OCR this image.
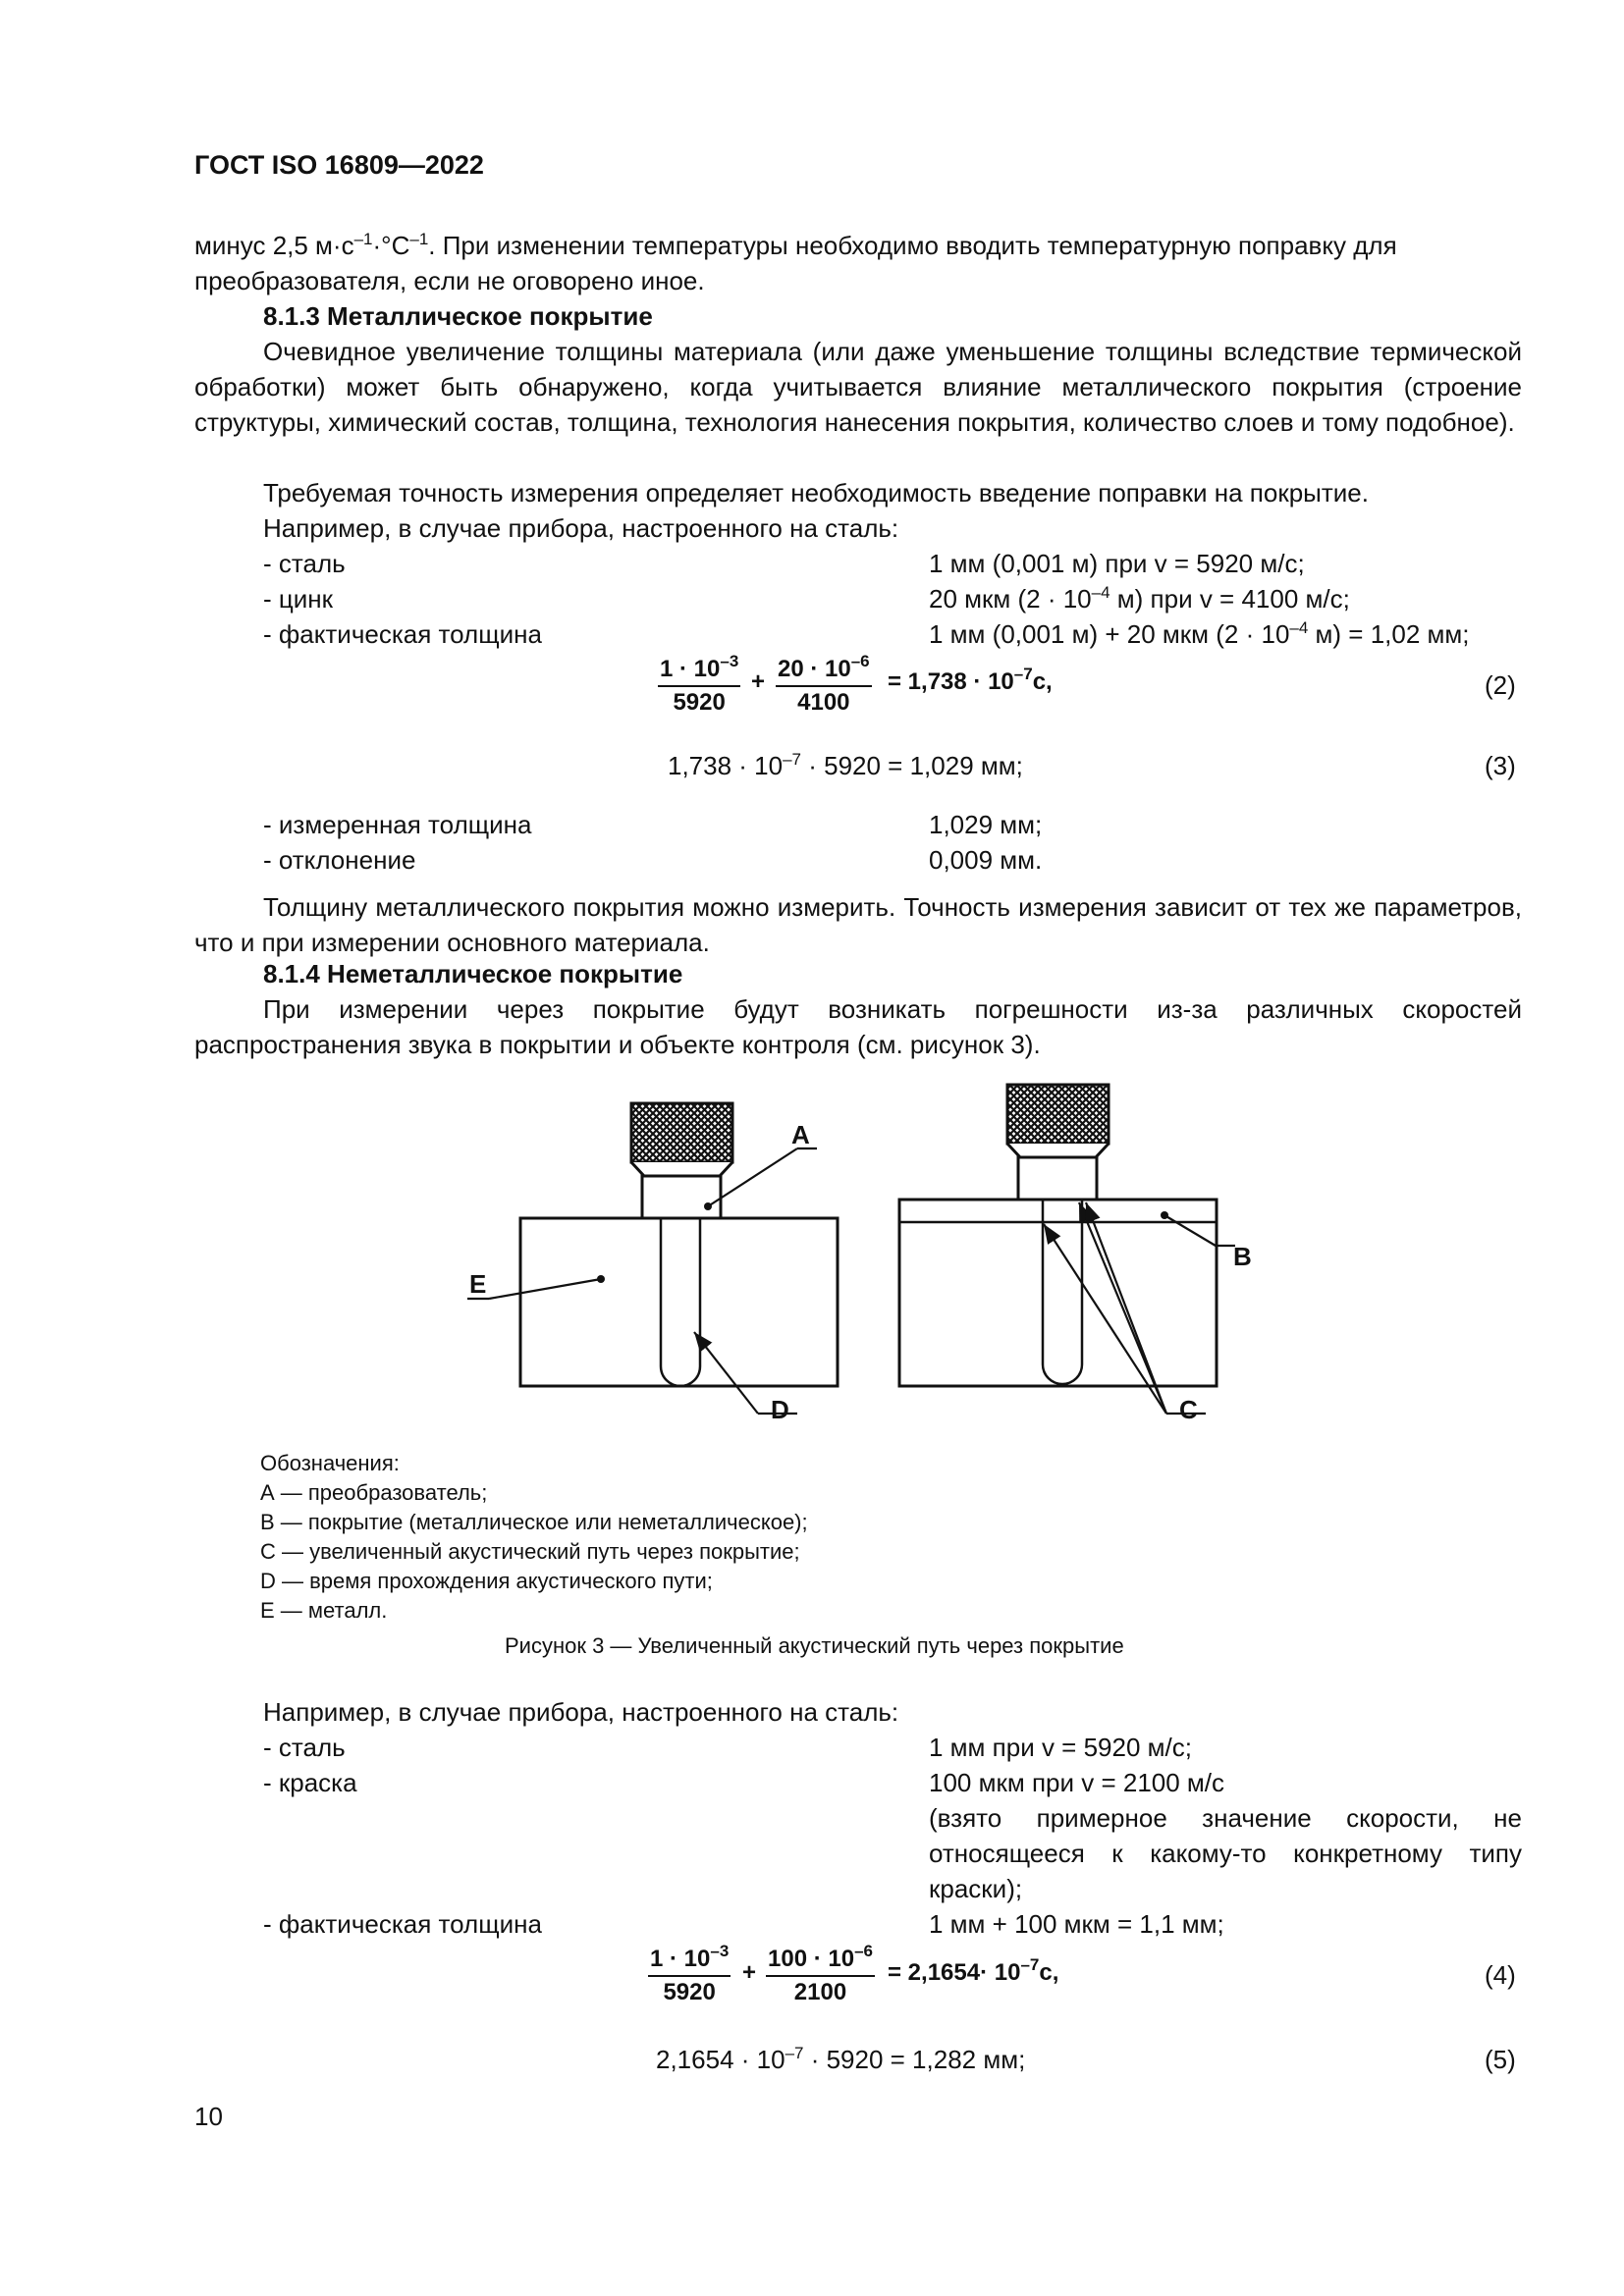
ГОСТ ISO 16809—2022
минус 2,5 $м\cdot с^{-1}\cdot^\circ С^{-1}$. При изменении температуры необходимо вводить температурную поправку для
преобразователя, если не оговорено иное.
8.1.3 Металлическое покрытие
Очевидное увеличение толщины материала (или даже уменьшение толщины вследствие термической обработки) может быть обнаружено, когда учитывается влияние металлического покрытия (строение структуры, химический состав, толщина, технология нанесения покрытия, количество слоев и тому подобное).
Требуемая точность измерения определяет необходимость введение поправки на покрытие.
Например, в случае прибора, настроенного на сталь:
- сталь	1 мм (0,001 м) при v = 5920 м/с;
- цинк	20 мкм ($2 \cdot 10^{-4}$ м) при v = 4100 м/с;
- фактическая толщина	1 мм (0,001 м) + 20 мкм ($2 \cdot 10^{-4}$ м) = 1,02 мм;
$\frac{1 \cdot 10^{-3}}{5920} + \frac{20 \cdot 10^{-6}}{4100} = 1,738 \cdot 10^{-7}с$,	(2)
$1,738 \cdot 10^{-7} \cdot 5920 = 1,029$ мм;	(3)
- измеренная толщина	1,029 мм;
- отклонение	0,009 мм.
Толщину металлического покрытия можно измерить. Точность измерения зависит от тех же параметров, что и при измерении основного материала.
8.1.4 Неметаллическое покрытие
При измерении через покрытие будут возникать погрешности из-за различных скоростей распространения звука в покрытии и объекте контроля (см. рисунок 3).
A
B
C
D
E
Обозначения:
А — преобразователь;
В — покрытие (металлическое или неметаллическое);
С — увеличенный акустический путь через покрытие;
D — время прохождения акустического пути;
Е — металл.
Рисунок 3 — Увеличенный акустический путь через покрытие
Например, в случае прибора, настроенного на сталь:
- сталь	1 мм при v = 5920 м/с;
- краска	100 мкм при v = 2100 м/с
(взято примерное значение скорости, не относящееся к какому-то конкретному типу краски);
- фактическая толщина	1 мм + 100 мкм = 1,1 мм;
$\frac{1 \cdot 10^{-3}}{5920} + \frac{100 \cdot 10^{-6}}{2100} = 2,1654\cdot 10^{-7}с$,	(4)
$2,1654 \cdot 10^{-7} \cdot 5920 = 1,282$ мм;	(5)
10
